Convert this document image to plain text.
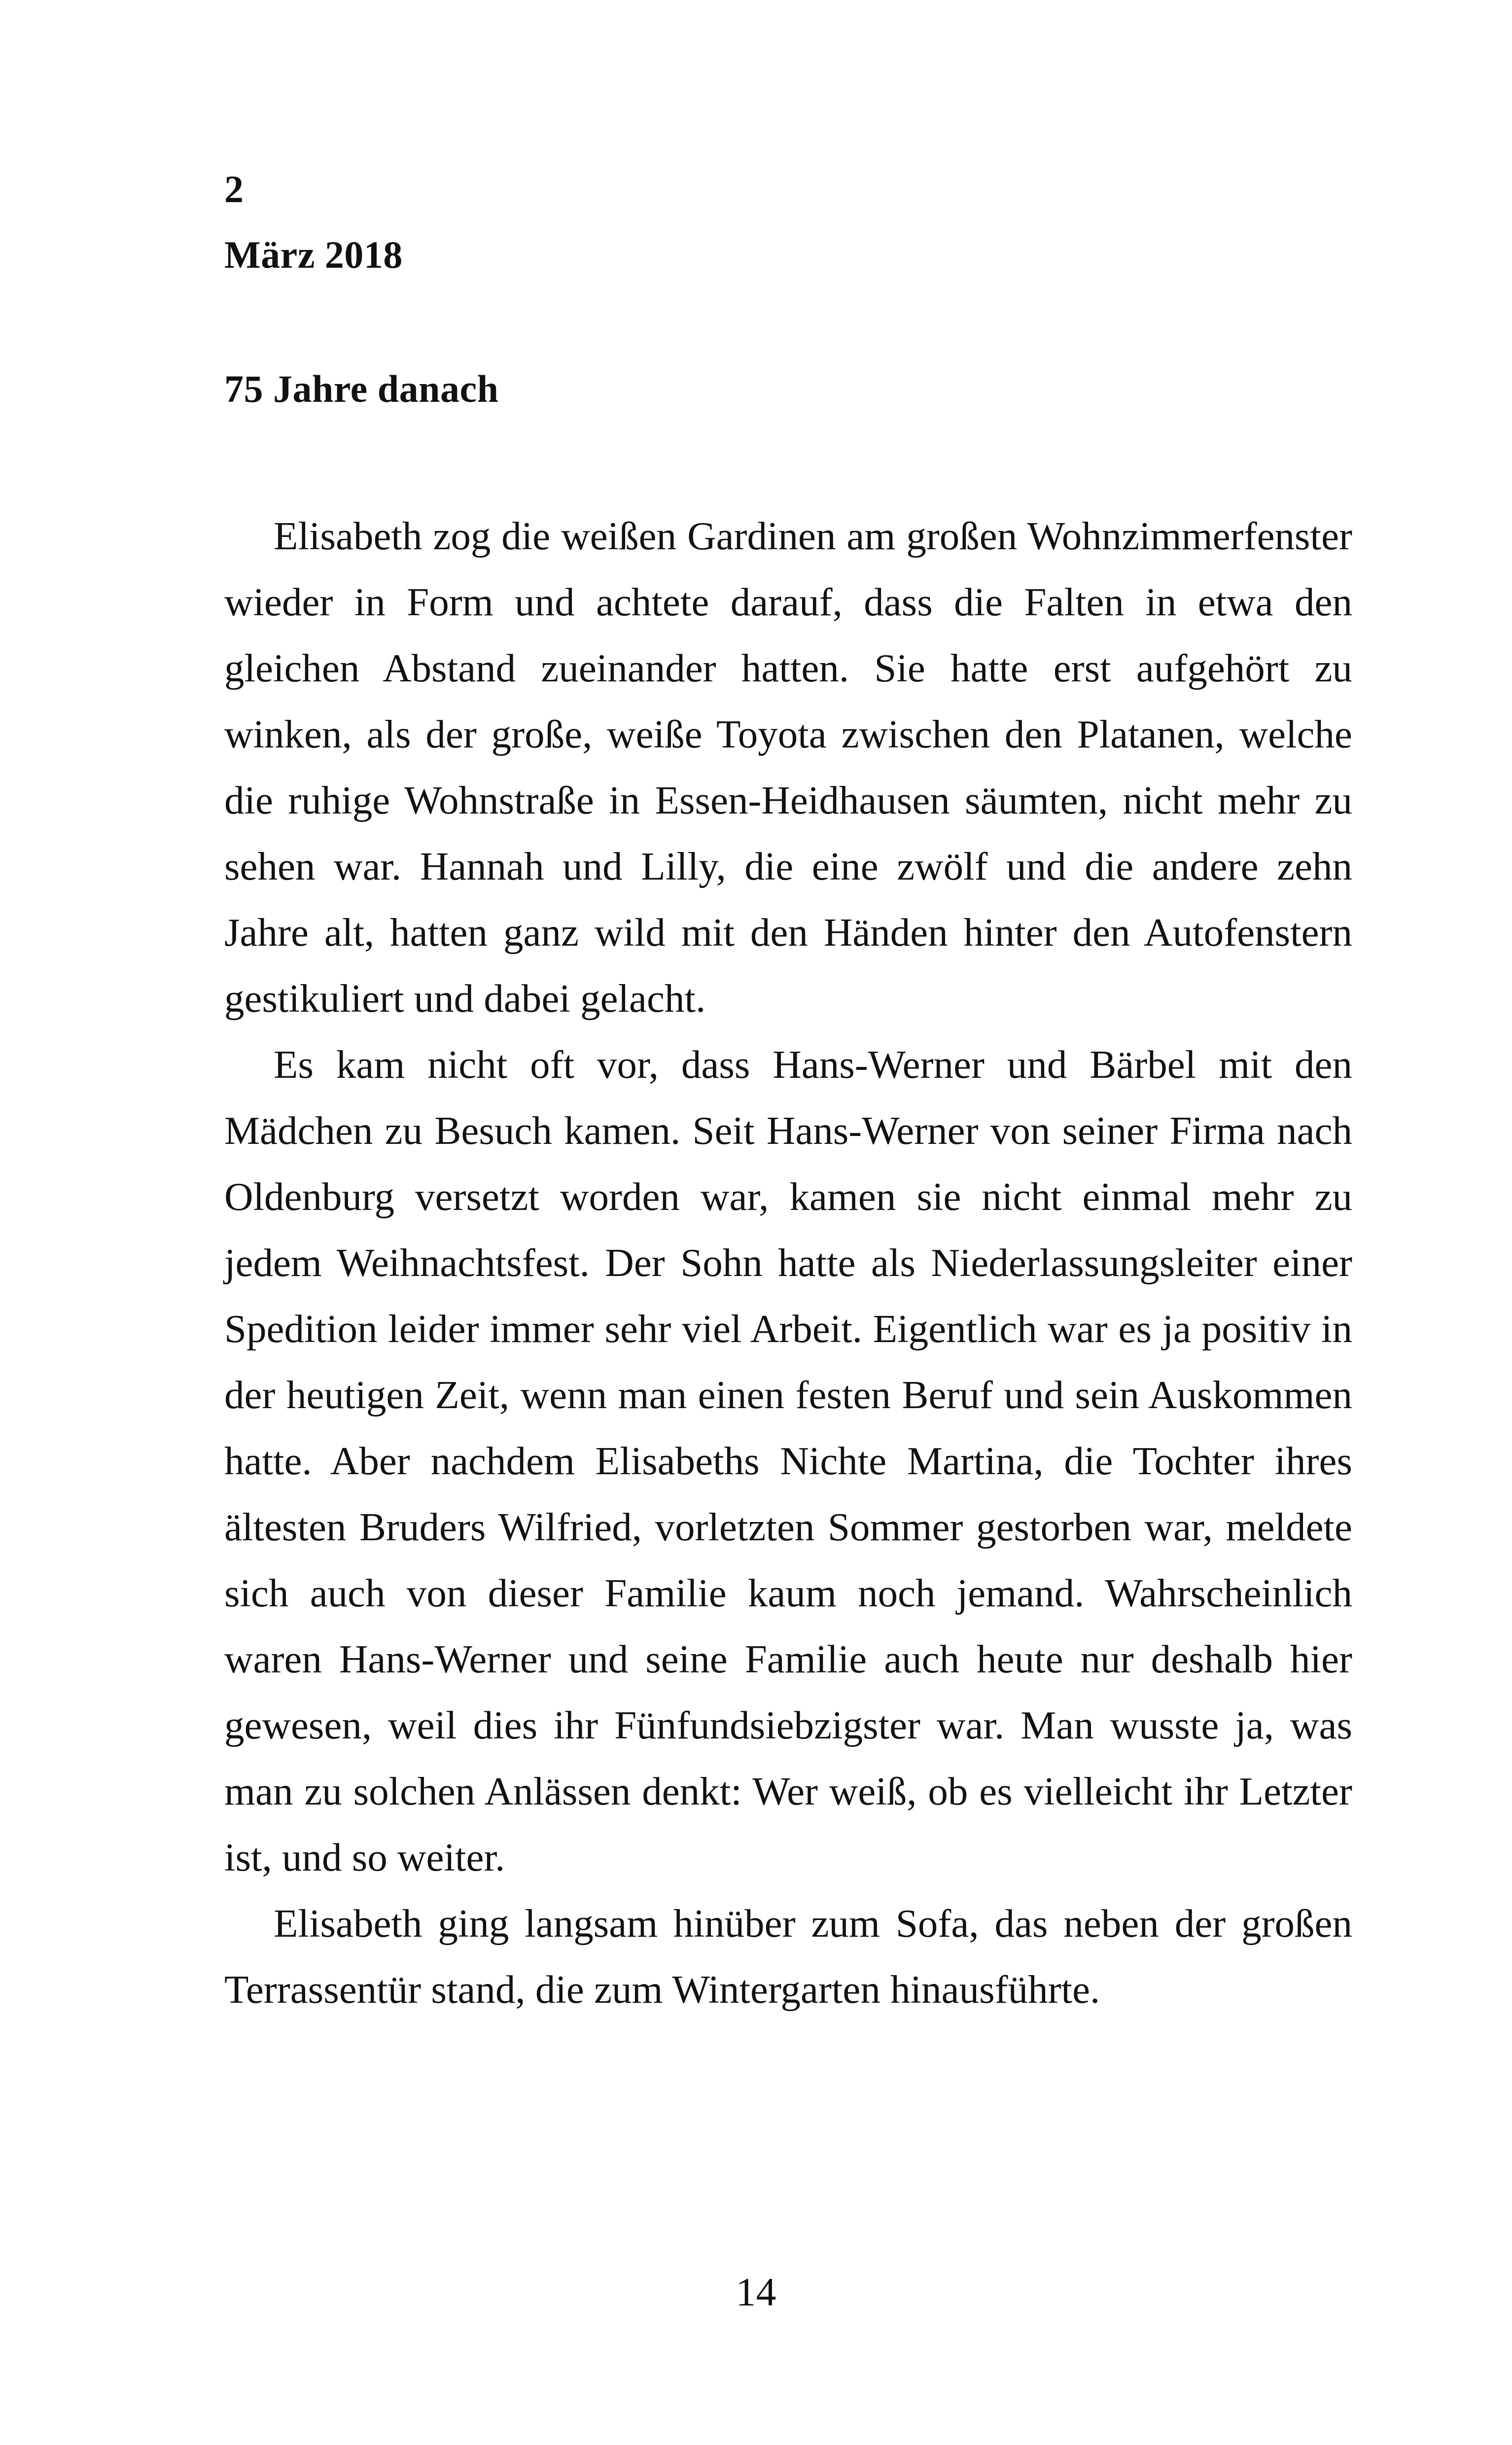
2
März 2018
75 Jahre danach

Elisabeth zog die weißen Gardinen am großen Wohnzimmerfenster wieder in Form und achtete darauf, dass die Falten in etwa den gleichen Abstand zueinander hatten. Sie hatte erst aufgehört zu winken, als der große, weiße Toyota zwischen den Platanen, welche die ruhige Wohnstraße in Essen-Heidhausen säumten, nicht mehr zu sehen war. Hannah und Lilly, die eine zwölf und die andere zehn Jahre alt, hatten ganz wild mit den Händen hinter den Autofenstern gestikuliert und dabei gelacht.

Es kam nicht oft vor, dass Hans-Werner und Bärbel mit den Mädchen zu Besuch kamen. Seit Hans-Werner von seiner Firma nach Oldenburg versetzt worden war, kamen sie nicht einmal mehr zu jedem Weihnachtsfest. Der Sohn hatte als Niederlassungsleiter einer Spedition leider immer sehr viel Arbeit. Eigentlich war es ja positiv in der heutigen Zeit, wenn man einen festen Beruf und sein Auskommen hatte. Aber nachdem Elisabeths Nichte Martina, die Tochter ihres ältesten Bruders Wilfried, vorletzten Sommer gestorben war, meldete sich auch von dieser Familie kaum noch jemand. Wahrscheinlich waren Hans-Werner und seine Familie auch heute nur deshalb hier gewesen, weil dies ihr Fünfundsiebzigster war. Man wusste ja, was man zu solchen Anlässen denkt: Wer weiß, ob es vielleicht ihr Letzter ist, und so weiter.

Elisabeth ging langsam hinüber zum Sofa, das neben der großen Terrassentür stand, die zum Wintergarten hinausführte.

14
